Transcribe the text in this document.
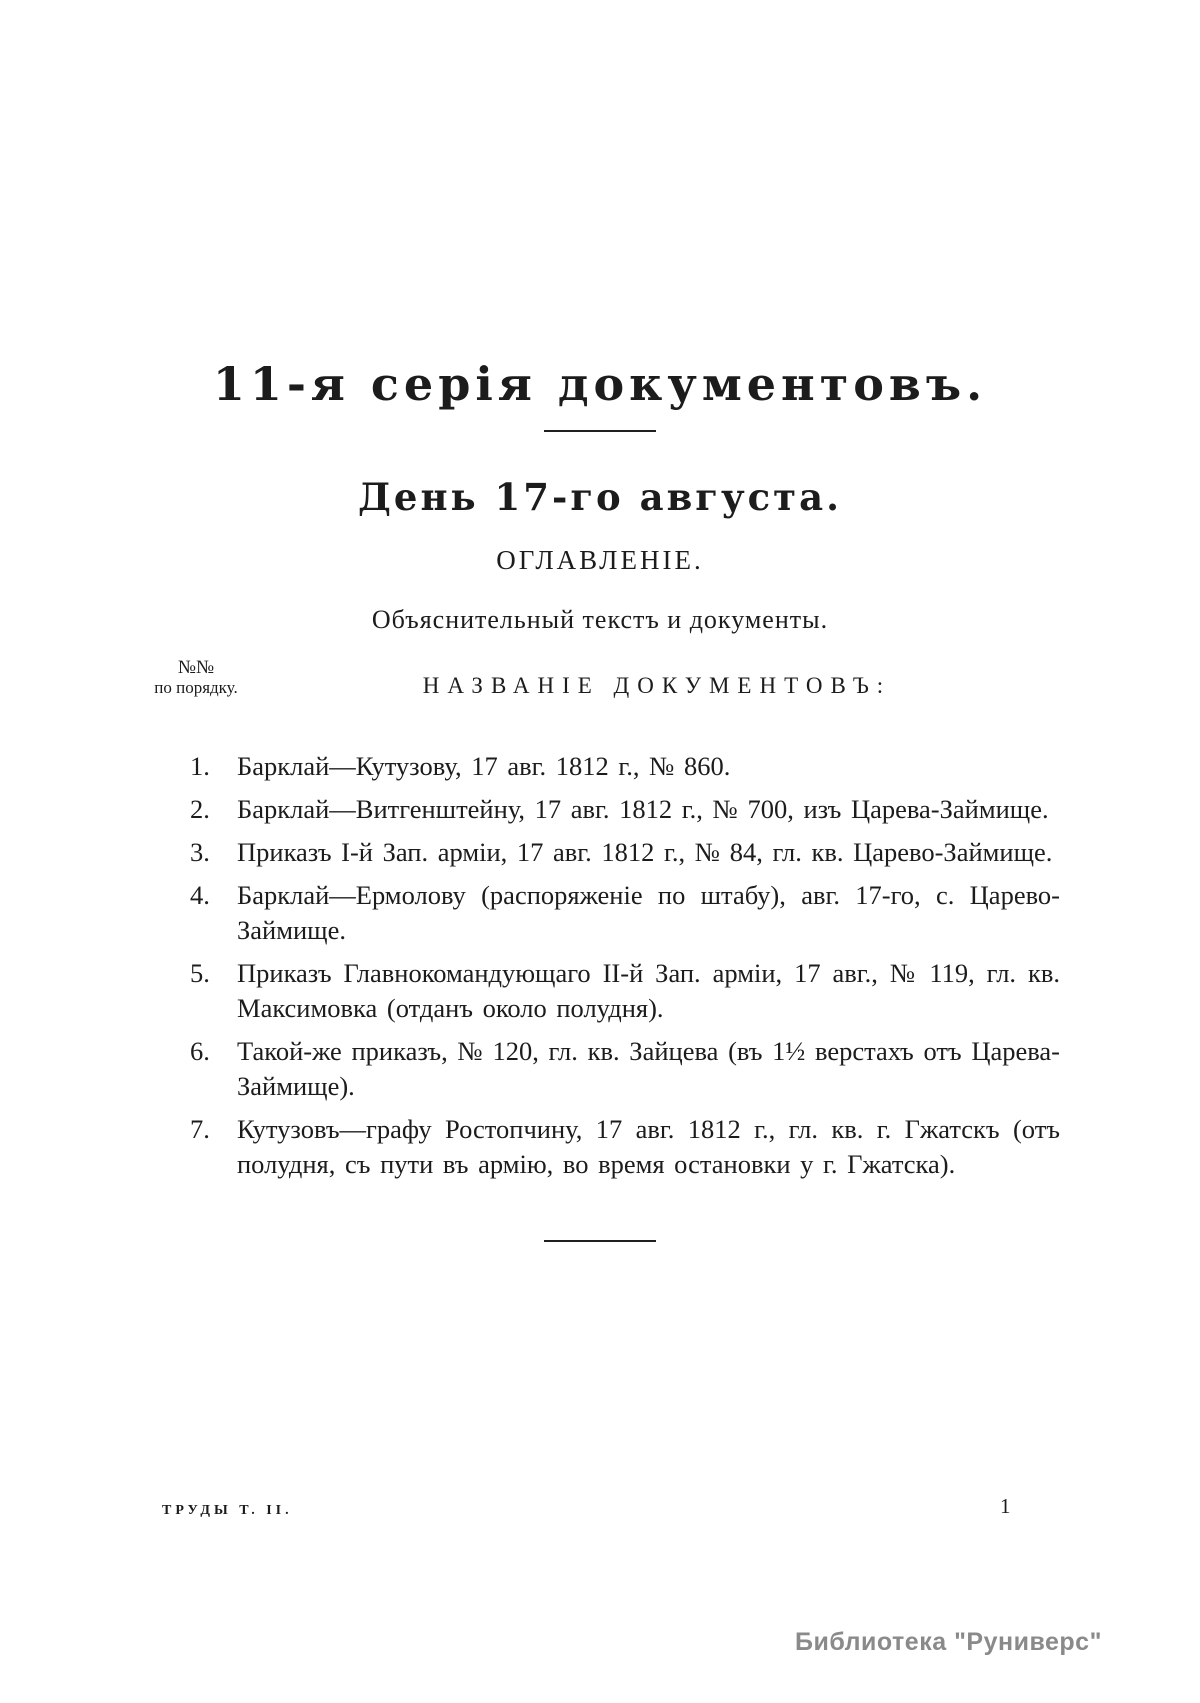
11-я серія документовъ.
День 17-го августа.
ОГЛАВЛЕНІЕ.
Объяснительный текстъ и документы.
№№
по порядку.	НАЗВАНІЕ ДОКУМЕНТОВЪ:
1.	Барклай—Кутузову, 17 авг. 1812 г., № 860.
2.	Барклай—Витгенштейну, 17 авг. 1812 г., № 700, изъ Царева-Займище.
3.	Приказъ I-й Зап. арміи, 17 авг. 1812 г., № 84, гл. кв. Царево-Займище.
4.	Барклай—Ермолову (распоряженіе по штабу), авг. 17-го, с. Царево-Займище.
5.	Приказъ Главнокомандующаго II-й Зап. арміи, 17 авг., № 119, гл. кв. Максимовка (отданъ около полудня).
6.	Такой-же приказъ, № 120, гл. кв. Зайцева (въ 1½ верстахъ отъ Царева-Займище).
7.	Кутузовъ—графу Ростопчину, 17 авг. 1812 г., гл. кв. г. Гжатскъ (отъ полудня, съ пути въ армію, во время остановки у г. Гжатска).
ТРУДЫ Т. II.	1
Библиотека "Руниверс"
